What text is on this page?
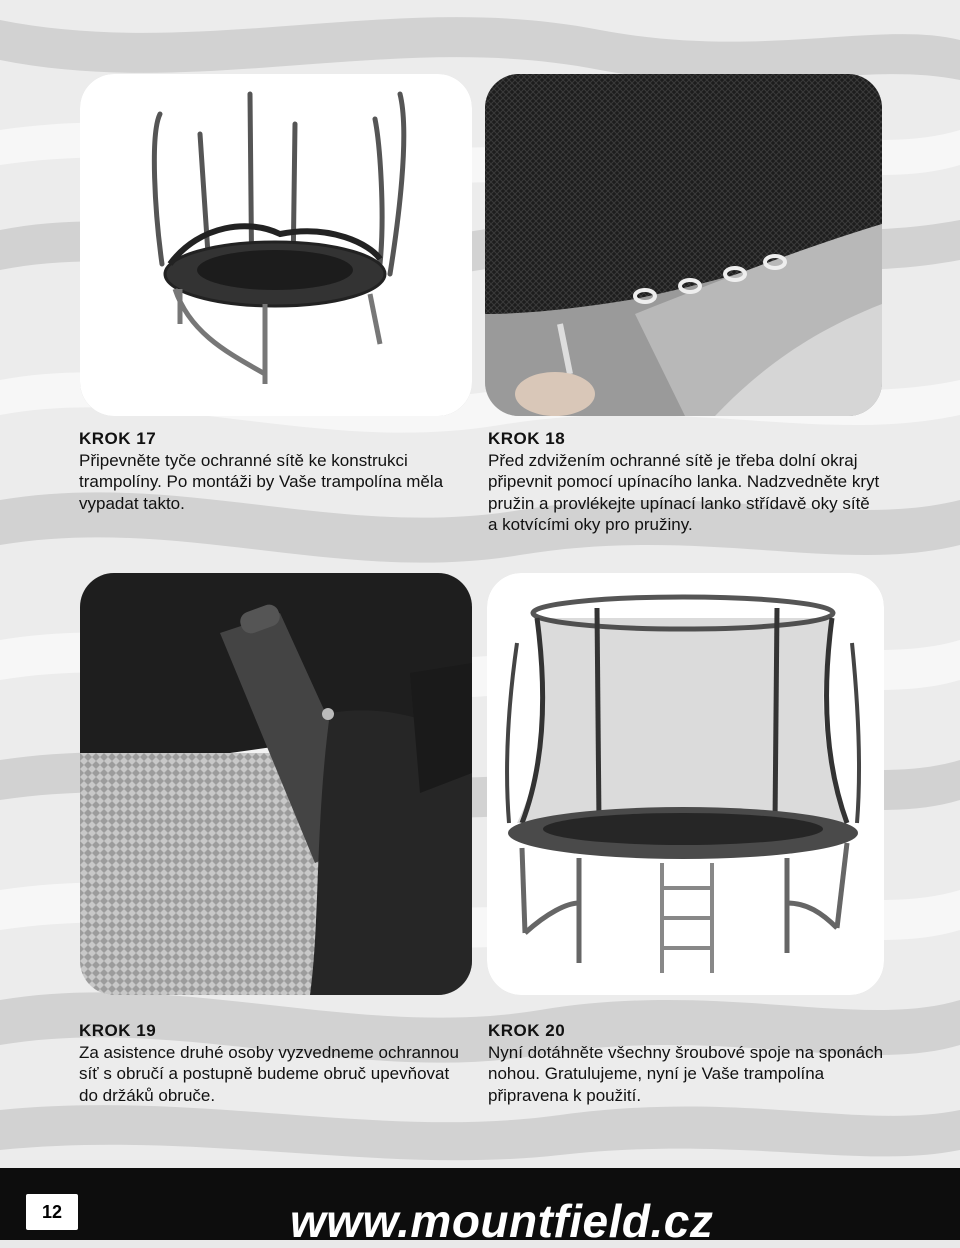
KROK 17
Připevněte tyče ochranné sítě ke konstrukci
trampolíny. Po montáži by Vaše trampolína měla
vypadat takto.
KROK 18
Před zdvižením ochranné sítě je třeba dolní okraj
připevnit pomocí upínacího lanka. Nadzvedněte kryt
pružin a provlékejte upínací lanko střídavě oky sítě
a kotvícími oky pro pružiny.
KROK 19
Za asistence druhé osoby vyzvedneme ochrannou
síť s obručí a postupně budeme obruč upevňovat
do držáků obruče.
KROK 20
Nyní dotáhněte všechny šroubové spoje na sponách
nohou. Gratulujeme, nyní je Vaše trampolína
připravena k použití.
12	www.mountfield.cz
